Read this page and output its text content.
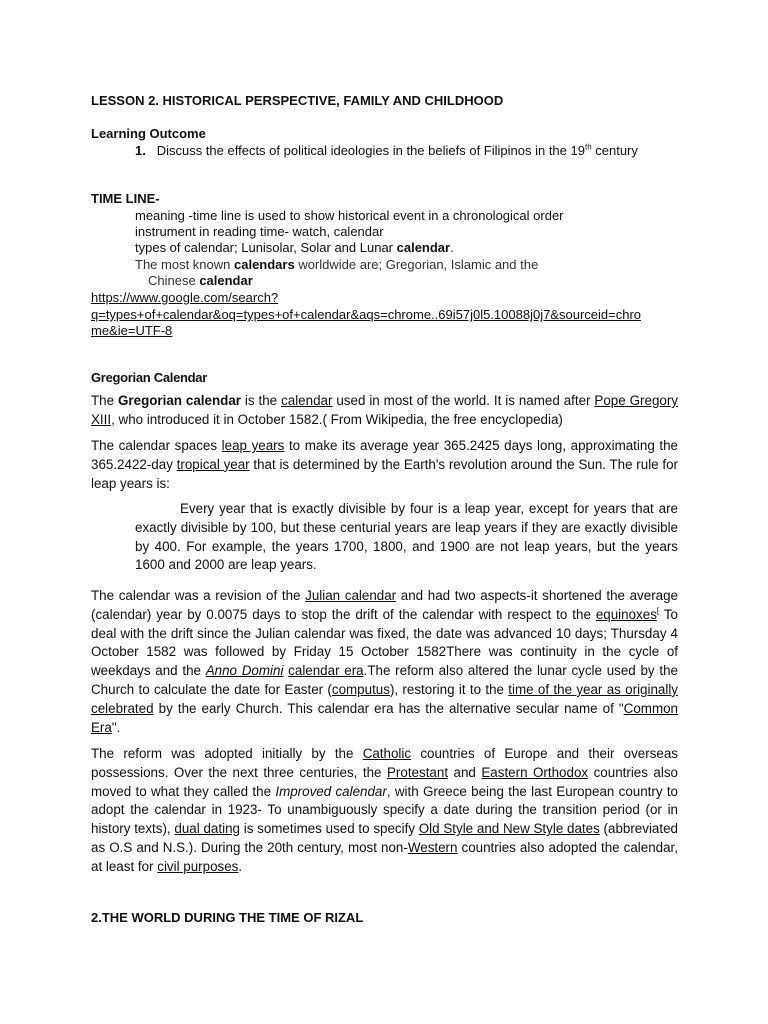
LESSON 2. HISTORICAL PERSPECTIVE, FAMILY AND CHILDHOOD
Learning Outcome
1. Discuss the effects of political ideologies in the beliefs of Filipinos in the 19th century
TIME LINE-
meaning -time line is used to show historical event in a chronological order
instrument in reading time- watch, calendar
types of calendar; Lunisolar, Solar and Lunar calendar.
The most known calendars worldwide are; Gregorian, Islamic and the
Chinese calendar
https://www.google.com/search?
q=types+of+calendar&oq=types+of+calendar&aqs=chrome..69i57j0l5.10088j0j7&sourceid=chro
me&ie=UTF-8
Gregorian Calendar
The Gregorian calendar is the calendar used in most of the world. It is named after Pope Gregory XIII, who introduced it in October 1582.( From Wikipedia, the free encyclopedia)
The calendar spaces leap years to make its average year 365.2425 days long, approximating the 365.2422-day tropical year that is determined by the Earth's revolution around the Sun. The rule for leap years is:
Every year that is exactly divisible by four is a leap year, except for years that are exactly divisible by 100, but these centurial years are leap years if they are exactly divisible by 400. For example, the years 1700, 1800, and 1900 are not leap years, but the years 1600 and 2000 are leap years.
The calendar was a revision of the Julian calendar and had two aspects-it shortened the average (calendar) year by 0.0075 days to stop the drift of the calendar with respect to the equinoxes[ To deal with the drift since the Julian calendar was fixed, the date was advanced 10 days; Thursday 4 October 1582 was followed by Friday 15 October 1582There was continuity in the cycle of weekdays and the Anno Domini calendar era.The reform also altered the lunar cycle used by the Church to calculate the date for Easter (computus), restoring it to the time of the year as originally celebrated by the early Church. This calendar era has the alternative secular name of "Common Era".
The reform was adopted initially by the Catholic countries of Europe and their overseas possessions. Over the next three centuries, the Protestant and Eastern Orthodox countries also moved to what they called the Improved calendar, with Greece being the last European country to adopt the calendar in 1923- To unambiguously specify a date during the transition period (or in history texts), dual dating is sometimes used to specify Old Style and New Style dates (abbreviated as O.S and N.S.). During the 20th century, most non-Western countries also adopted the calendar, at least for civil purposes.
2.THE WORLD DURING THE TIME OF RIZAL
